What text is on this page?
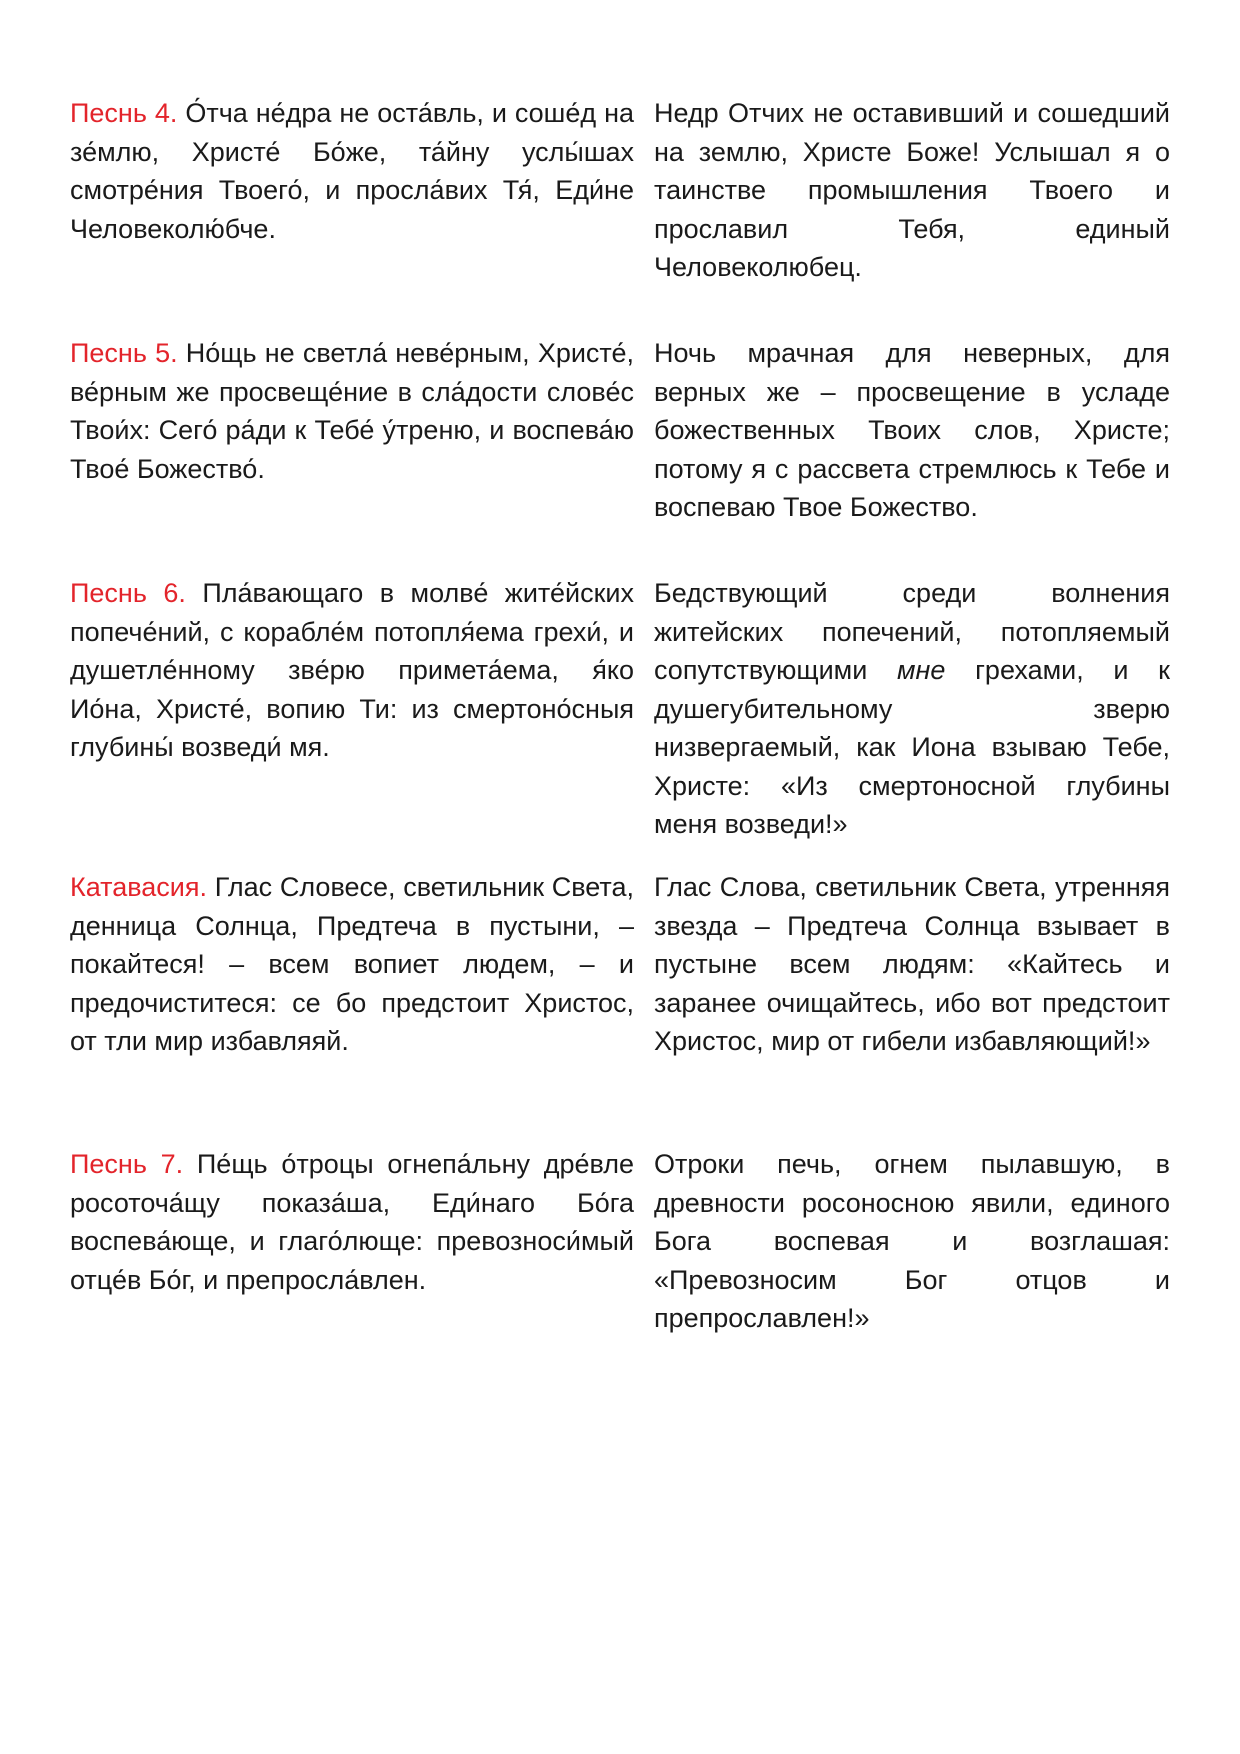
Песнь 4. О́тча не́дра не оста́вль, и соше́д на зе́млю, Христе́ Бо́же, та́йну услы́шах смотре́ния Твоего́, и просла́вих Тя́, Еди́не Человеколю́бче.
Недр Отчих не оставивший и сошедший на землю, Христе Боже! Услышал я о таинстве промышления Твоего и прославил Тебя, единый Человеколюбец.
Песнь 5. Но́щь не светла́ неве́рным, Христе́, ве́рным же просвеще́ние в сла́дости слове́с Твои́х: Сего́ ра́ди к Тебе́ у́треню, и воспева́ю Твое́ Божество́.
Ночь мрачная для неверных, для верных же – просвещение в усладе божественных Твоих слов, Христе; потому я с рассвета стремлюсь к Тебе и воспеваю Твое Божество.
Песнь 6. Пла́вающаго в молве́ жите́йских попече́ний, с корабле́м потопля́ема грехи́, и душетле́нному зве́рю примета́ема, я́ко Ио́на, Христе́, вопию Ти: из смертоно́сныя глубины́ возведи́ мя.
Бедствующий среди волнения житейских попечений, потопляемый сопутствующими мне грехами, и к душегубительному зверю низвергаемый, как Иона взываю Тебе, Христе: «Из смертоносной глубины меня возведи!»
Катавасия. Глас Словесе, светильник Света, денница Солнца, Предтеча в пустыни, – покайтеся! – всем вопиет людем, – и предочиститеся: се бо предстоит Христос, от тли мир избавляяй.
Глас Слова, светильник Света, утренняя звезда – Предтеча Солнца взывает в пустыне всем людям: «Кайтесь и заранее очищайтесь, ибо вот предстоит Христос, мир от гибели избавляющий!»
Песнь 7. Пе́щь о́троцы огнепа́льну дре́вле росоточа́щу показа́ша, Еди́наго Бо́га воспева́юще, и глаго́люще: превозноси́мый отце́в Бо́г, и препросла́влен.
Отроки печь, огнем пылавшую, в древности росоносною явили, единого Бога воспевая и возглашая: «Превозносим Бог отцов и препрославлен!»
